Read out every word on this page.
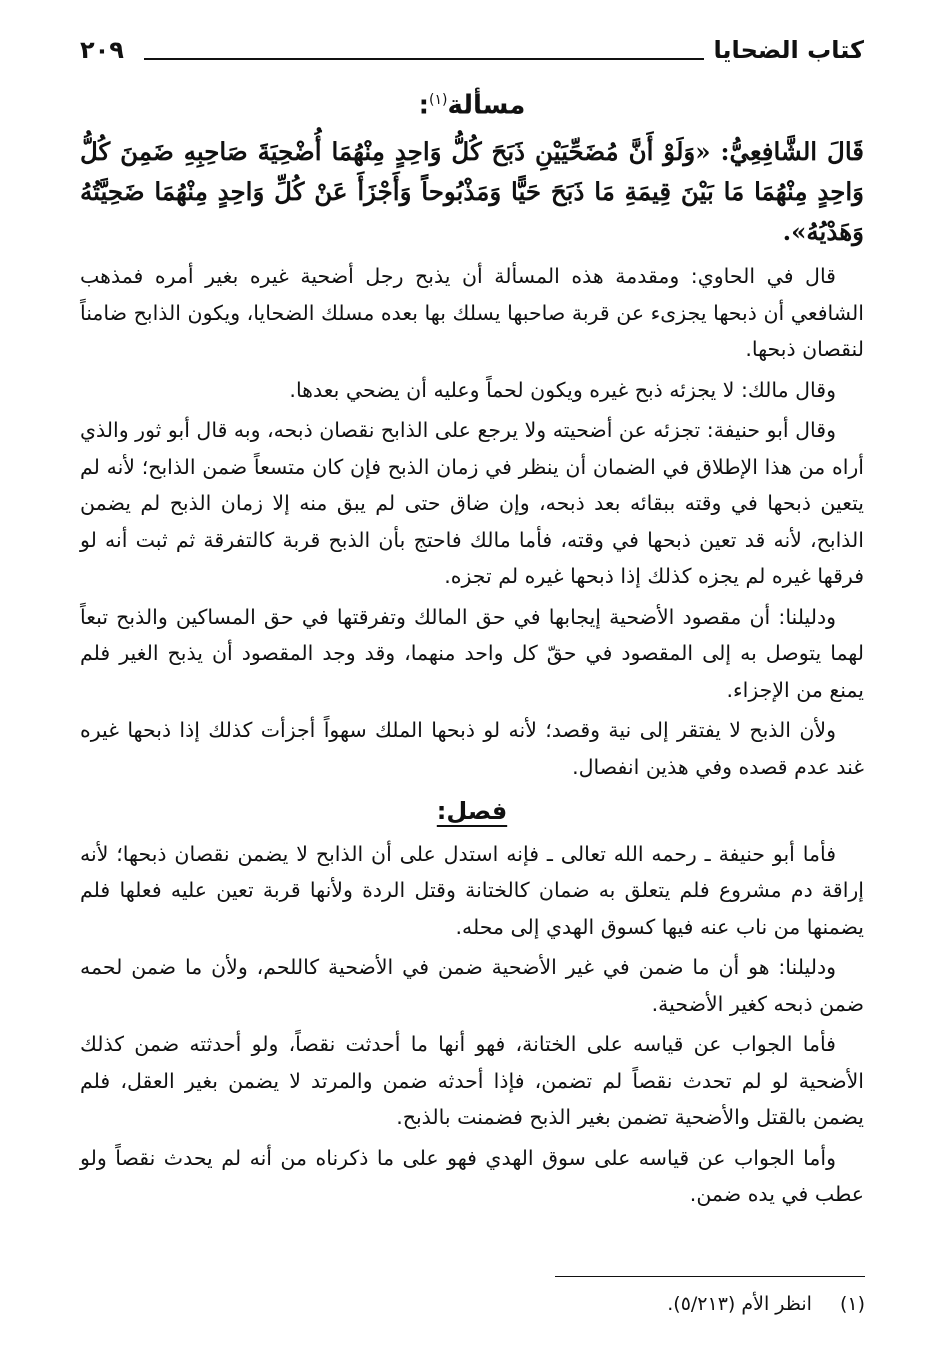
كتاب الضحايا
٢٠٩
مسألة$^{(١)}$:
قَالَ الشَّافِعِيُّ: «وَلَوْ أَنَّ مُضَحِّيَيْنِ ذَبَحَ كُلُّ وَاحِدٍ مِنْهُمَا أُضْحِيَةَ صَاحِبِهِ ضَمِنَ كُلُّ وَاحِدٍ مِنْهُمَا مَا بَيْنَ قِيمَةِ مَا ذَبَحَ حَيًّا وَمَذْبُوحاً وَأَجْزَأَ عَنْ كُلِّ وَاحِدٍ مِنْهُمَا ضَحِيَّتُهُ وَهَدْيُهُ».

قال في الحاوي: ومقدمة هذه المسألة أن يذبح رجل أضحية غيره بغير أمره فمذهب الشافعي أن ذبحها يجزىء عن قربة صاحبها يسلك بها بعده مسلك الضحايا، ويكون الذابح ضامناً لنقصان ذبحها.

وقال مالك: لا يجزئه ذبح غيره ويكون لحماً وعليه أن يضحي بعدها.

وقال أبو حنيفة: تجزئه عن أضحيته ولا يرجع على الذابح نقصان ذبحه، وبه قال أبو ثور والذي أراه من هذا الإطلاق في الضمان أن ينظر في زمان الذبح فإن كان متسعاً ضمن الذابح؛ لأنه لم يتعين ذبحها في وقته ببقائه بعد ذبحه، وإن ضاق حتى لم يبق منه إلا زمان الذبح لم يضمن الذابح، لأنه قد تعين ذبحها في وقته، فأما مالك فاحتج بأن الذبح قربة كالتفرقة ثم ثبت أنه لو فرقها غيره لم يجزه كذلك إذا ذبحها غيره لم تجزه.

ودليلنا: أن مقصود الأضحية إيجابها في حق المالك وتفرقتها في حق المساكين والذبح تبعاً لهما يتوصل به إلى المقصود في حقّ كل واحد منهما، وقد وجد المقصود أن يذبح الغير فلم يمنع من الإجزاء.

ولأن الذبح لا يفتقر إلى نية وقصد؛ لأنه لو ذبحها الملك سهواً أجزأت كذلك إذا ذبحها غيره غند عدم قصده وفي هذين انفصال.

فصل:

فأما أبو حنيفة ـ رحمه الله تعالى ـ فإنه استدل على أن الذابح لا يضمن نقصان ذبحها؛ لأنه إراقة دم مشروع فلم يتعلق به ضمان كالختانة وقتل الردة ولأنها قربة تعين عليه فعلها فلم يضمنها من ناب عنه فيها كسوق الهدي إلى محله.

ودليلنا: هو أن ما ضمن في غير الأضحية ضمن في الأضحية كاللحم، ولأن ما ضمن لحمه ضمن ذبحه كغير الأضحية.

فأما الجواب عن قياسه على الختانة، فهو أنها ما أحدثت نقصاً، ولو أحدثته ضمن كذلك الأضحية لو لم تحدث نقصاً لم تضمن، فإذا أحدثه ضمن والمرتد لا يضمن بغير العقل، فلم يضمن بالقتل والأضحية تضمن بغير الذبح فضمنت بالذبح.

وأما الجواب عن قياسه على سوق الهدي فهو على ما ذكرناه من أنه لم يحدث نقصاً ولو عطب في يده ضمن.

(١)انظر الأم (٥/٢١٣).
